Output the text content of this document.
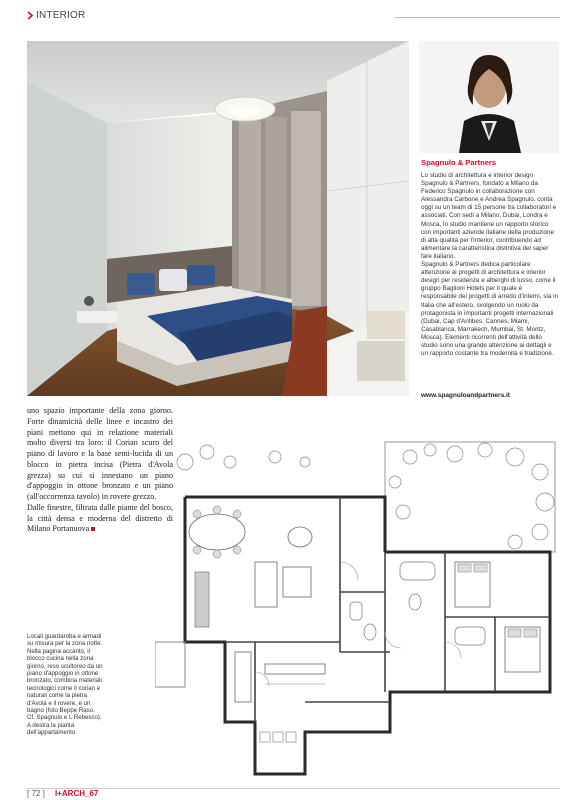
INTERIOR
Spagnulo & Partners

Lo studio di architettura e interior design Spagnulo & Partners, fondato a Milano da Federico Spagnulo in collaborazione con Alessandra Carbone e Andrea Spagnulo, conta oggi su un team di 15 persone tra collaboratori e associati. Con sedi a Milano, Dubai, Londra e Mosca, lo studio mantiene un rapporto storico con importanti aziende italiane della produzione di alta qualità per l'interior, contribuendo ad alimentare la caratteristica distintiva del saper fare italiano.

Spagnulo & Partners dedica particolare attenzione ai progetti di architettura e interior design per residenze e alberghi di lusso, come il gruppo Baglioni Hotels per il quale è responsabile dei progetti di arredo d'interni, sia in Italia che all'estero, svolgendo un ruolo da protagonista in importanti progetti internazionali (Dubai, Cap d'Antibes, Cannes, Miami, Casablanca, Marrakech, Mumbai, St. Moritz, Mosca). Elementi ricorrenti dell'attività dello studio sono una grande attenzione ai dettagli e un rapporto costante tra modernità e tradizione.

www.spagnuloandpartners.it

uno spazio importante della zona giorno. Forte dinamicità delle linee e incastro dei piani mettono qui in relazione materiali molto diversi tra loro: il Corian scuro del piano di lavoro e la base semi-lucida di un blocco in pietra incisa (Pietra d'Avola grezza) su cui si innestano un piano d'appoggio in ottone bronzato e un piano (all'occorrenza tavolo) in rovere grezzo.

Dalle finestre, filtrata dalle piante del bosco, la città densa e moderna del distretto di Milano Portanuova

Locali guardaroba e armadi su misura per la zona notte. Nella pagina accanto, il blocco cucina nella zona giorno, reso scultoreo da un piano d'appoggio in ottone bronzato, combina materiali tecnologici come il corian e naturali come la pietra d'Avola e il rovere, e un bagno (foto Beppe Raso, Cf. Spagnulo e L Rebesco).

A destra la pianta dell'appartamento.

[ 72 ] I+ARCH_67
